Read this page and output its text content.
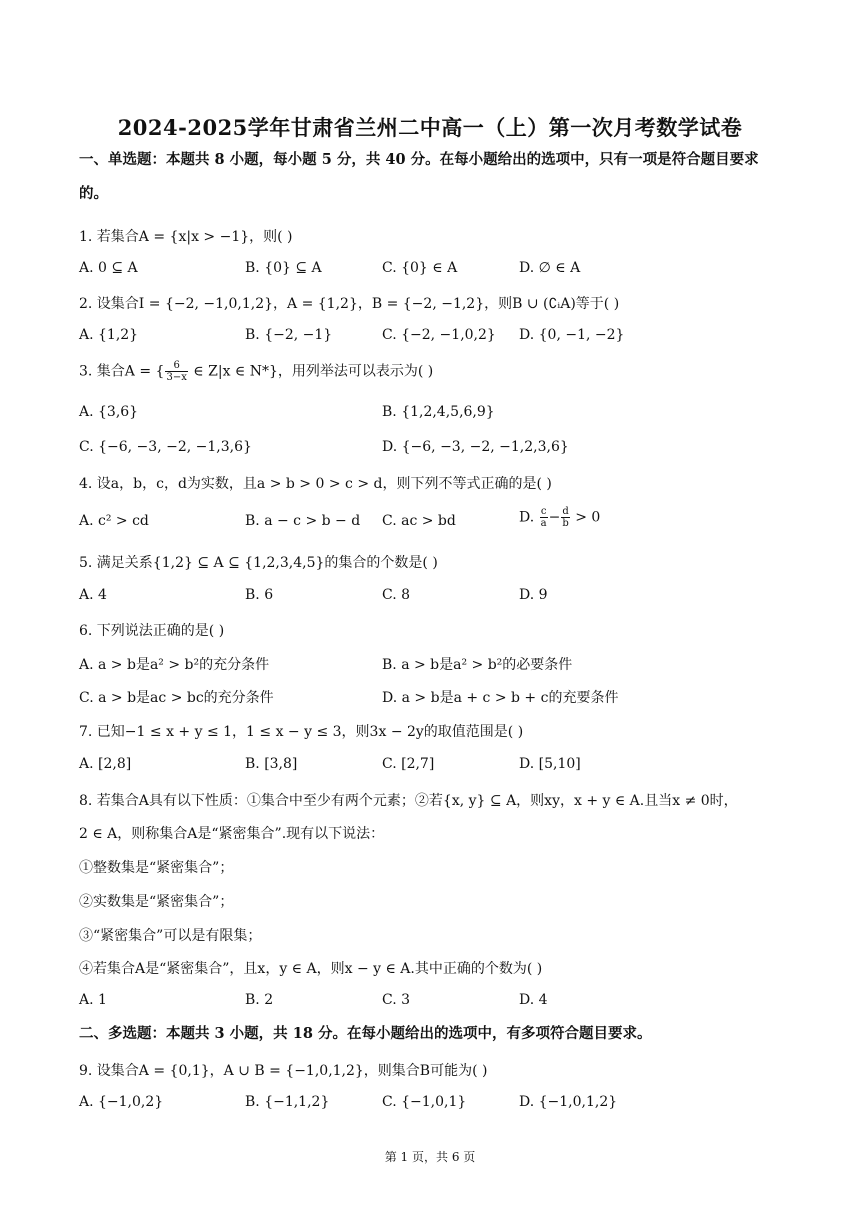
2024-2025学年甘肃省兰州二中高一（上）第一次月考数学试卷
一、单选题：本题共 8 小题，每小题 5 分，共 40 分。在每小题给出的选项中，只有一项是符合题目要求的。
1. 若集合A = {x|x > −1}，则( )
A. 0 ⊆ A	B. {0} ⊆ A	C. {0} ∈ A	D. ∅ ∈ A
2. 设集合I = {−2, −1,0,1,2}，A = {1,2}，B = {−2, −1,2}，则B ∪ (∁ᵢA)等于( )
A. {1,2}	B. {−2, −1}	C. {−2, −1,0,2} D. {0, −1, −2}
3. 集合A = { $\frac{6}{3-x}$ ∈ Z|x ∈ N*}，用列举法可以表示为( )
A. {3,6}	B. {1,2,4,5,6,9}
C. {−6, −3, −2, −1,3,6}	D. {−6, −3, −2, −1,2,3,6}
4. 设a，b，c，d为实数，且a > b > 0 > c > d，则下列不等式正确的是( )
A. c² > cd	B. a − c > b − d C. ac > bd	D. $\frac{c}{a} - \frac{d}{b} > 0$
5. 满足关系{1,2} ⊆ A ⊆ {1,2,3,4,5}的集合的个数是( )
A. 4	B. 6	C. 8	D. 9
6. 下列说法正确的是( )
A. a > b是a² > b²的充分条件	B. a > b是a² > b²的必要条件
C. a > b是ac > bc的充分条件	D. a > b是a + c > b + c的充要条件
7. 已知−1 ≤ x + y ≤ 1，1 ≤ x − y ≤ 3，则3x − 2y的取值范围是( )
A. [2,8]	B. [3,8]	C. [2,7]	D. [5,10]
8. 若集合A具有以下性质：①集合中至少有两个元素；②若{x, y} ⊆ A，则xy，x + y ∈ A.且当x ≠ 0时，
2 ∈ A，则称集合A是“紧密集合”.现有以下说法：
①整数集是“紧密集合”；
②实数集是“紧密集合”；
③“紧密集合”可以是有限集；
④若集合A是“紧密集合”，且x，y ∈ A，则x − y ∈ A.其中正确的个数为( )
A. 1	B. 2	C. 3	D. 4
二、多选题：本题共 3 小题，共 18 分。在每小题给出的选项中，有多项符合题目要求。
9. 设集合A = {0,1}，A ∪ B = {−1,0,1,2}，则集合B可能为( )
A. {−1,0,2}	B. {−1,1,2}	C. {−1,0,1}	D. {−1,0,1,2}
第 1 页，共 6 页
